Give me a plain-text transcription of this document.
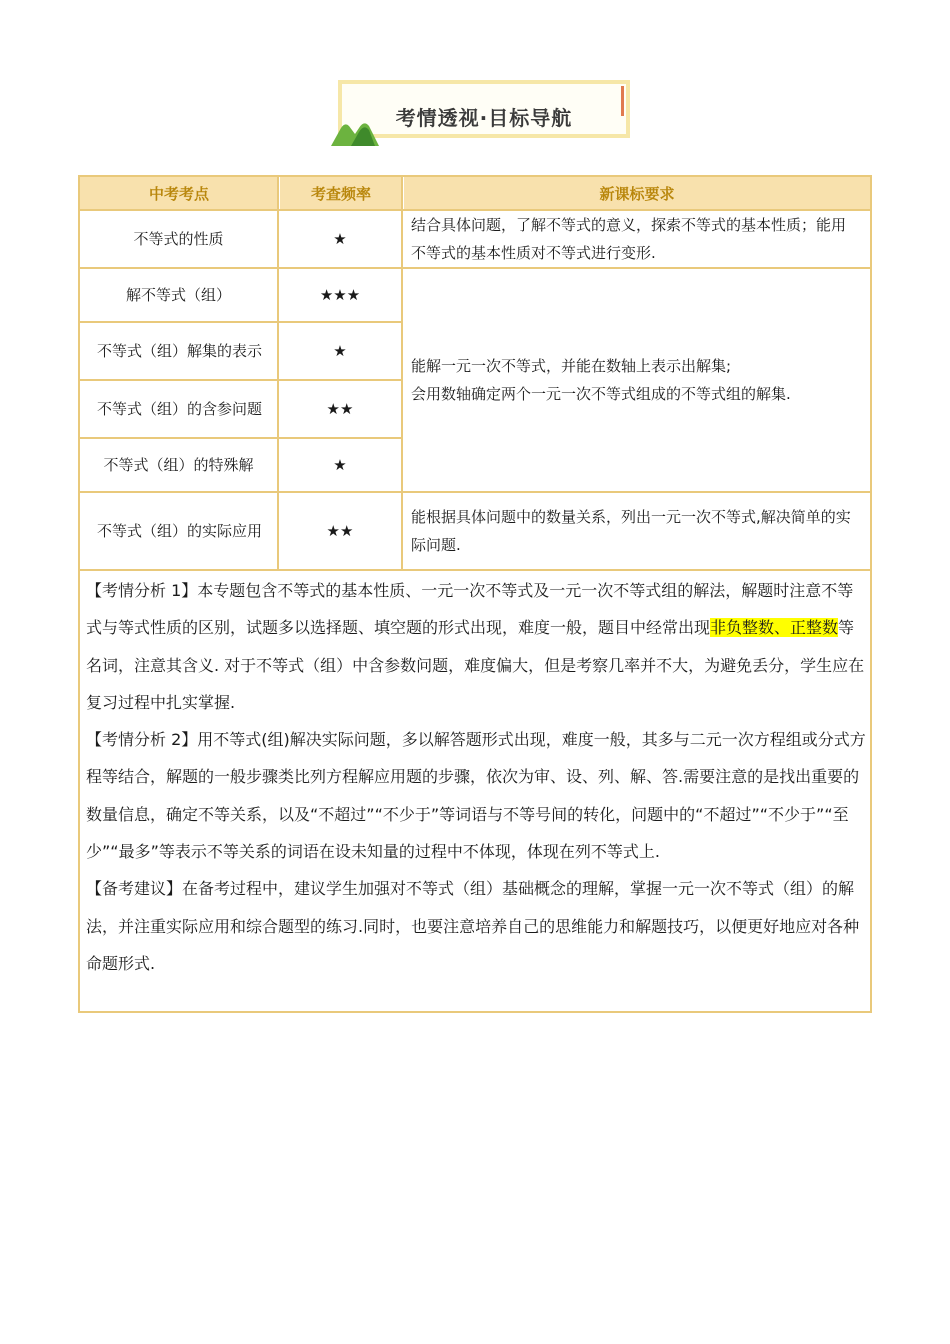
考情透视·目标导航
中考考点	考查频率	新课标要求
不等式的性质	★
结合具体问题，了解不等式的意义，探索不等式的基本性质；能用不等式的基本性质对不等式进行变形.
解不等式（组）	★★★
不等式（组）解集的表示	★
不等式（组）的含参问题	★★
不等式（组）的特殊解	★
能解一元一次不等式，并能在数轴上表示出解集;
会用数轴确定两个一元一次不等式组成的不等式组的解集.
不等式（组）的实际应用	★★
能根据具体问题中的数量关系，列出一元一次不等式,解决简单的实际问题.

【考情分析 1】本专题包含不等式的基本性质、一元一次不等式及一元一次不等式组的解法，解题时注意不等式与等式性质的区别，试题多以选择题、填空题的形式出现，难度一般，题目中经常出现非负整数、正整数等名词，注意其含义. 对于不等式（组）中含参数问题，难度偏大，但是考察几率并不大，为避免丢分，学生应在复习过程中扎实掌握.

【考情分析 2】用不等式(组)解决实际问题，多以解答题形式出现，难度一般，其多与二元一次方程组或分式方程等结合，解题的一般步骤类比列方程解应用题的步骤，依次为审、设、列、解、答.需要注意的是找出重要的数量信息，确定不等关系，以及“不超过”“不少于”等词语与不等号间的转化，问题中的“不超过”“不少于”“至少”“最多”等表示不等关系的词语在设未知量的过程中不体现，体现在列不等式上.

【备考建议】在备考过程中，建议学生加强对不等式（组）基础概念的理解，掌握一元一次不等式（组）的解法，并注重实际应用和综合题型的练习.同时，也要注意培养自己的思维能力和解题技巧，以便更好地应对各种命题形式.
